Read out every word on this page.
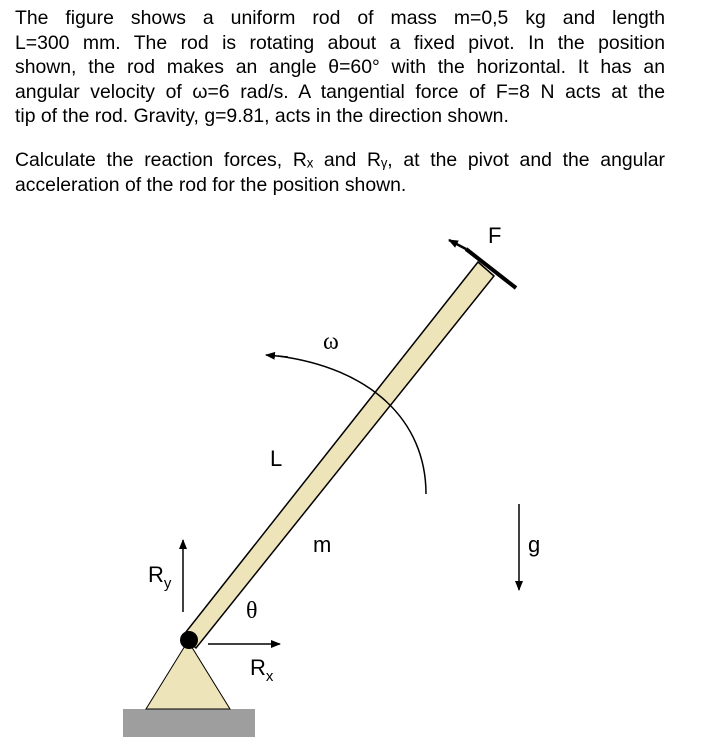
The figure shows a uniform rod of mass m=0,5 kg and length
L=300 mm. The rod is rotating about a fixed pivot. In the position
shown, the rod makes an angle θ=60° with the horizontal. It has an
angular velocity of ω=6 rad/s. A tangential force of F=8 N acts at the
tip of the rod. Gravity, g=9.81, acts in the direction shown.
Calculate the reaction forces, Rₓ and Rᵧ, at the pivot and the angular
acceleration of the rod for the position shown.
F
ω
L
m	g
$R_y$
θ
$R_x$
